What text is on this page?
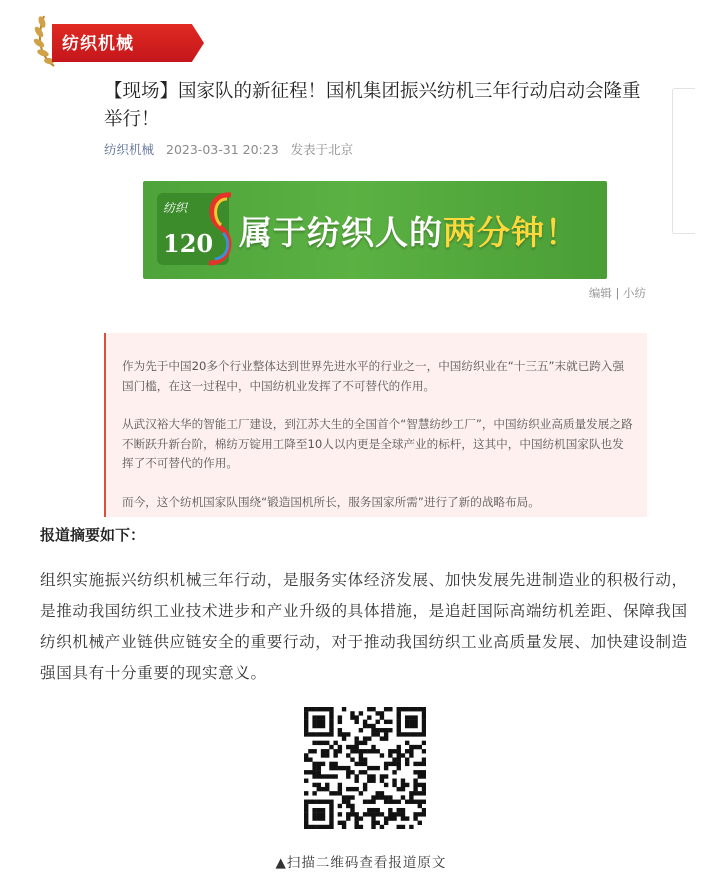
纺织机械
【现场】国家队的新征程！国机集团振兴纺机三年行动启动会隆重举行！
纺织机械 2023-03-31 20:23 发表于北京
纺织
120 属于纺织人的两分钟！
编辑 | 小纺

作为先于中国20多个行业整体达到世界先进水平的行业之一，中国纺织业在“十三五”末就已跨入强国门槛，在这一过程中，中国纺机业发挥了不可替代的作用。

从武汉裕大华的智能工厂建设，到江苏大生的全国首个“智慧纺纱工厂”，中国纺织业高质量发展之路不断跃升新台阶，棉纺万锭用工降至10人以内更是全球产业的标杆，这其中，中国纺机国家队也发挥了不可替代的作用。

而今，这个纺机国家队围绕“锻造国机所长，服务国家所需”进行了新的战略布局。

报道摘要如下：
组织实施振兴纺织机械三年行动，是服务实体经济发展、加快发展先进制造业的积极行动，是推动我国纺织工业技术进步和产业升级的具体措施，是追赶国际高端纺机差距、保障我国纺织机械产业链供应链安全的重要行动，对于推动我国纺织工业高质量发展、加快建设制造强国具有十分重要的现实意义。
▲扫描二维码查看报道原文
